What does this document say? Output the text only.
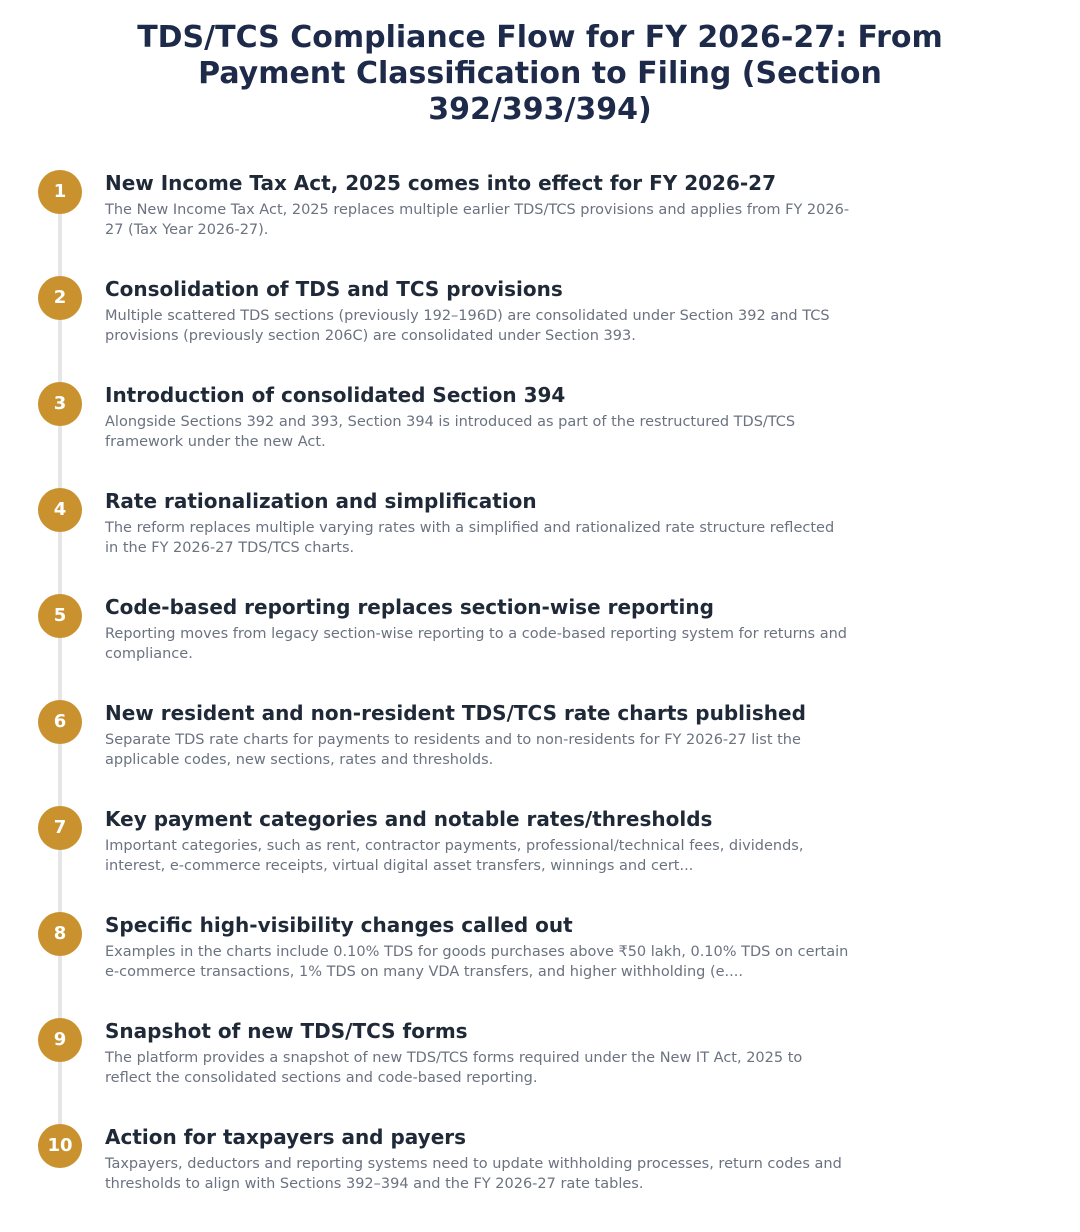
TDS/TCS Compliance Flow for FY 2026-27: From Payment Classification to Filing (Section 392/393/394)
1	New Income Tax Act, 2025 comes into effect for FY 2026-27

The New Income Tax Act, 2025 replaces multiple earlier TDS/TCS provisions and applies from FY 2026-27 (Tax Year 2026-27).

2	Consolidation of TDS and TCS provisions

Multiple scattered TDS sections (previously 192–196D) are consolidated under Section 392 and TCS provisions (previously section 206C) are consolidated under Section 393.

3	Introduction of consolidated Section 394

Alongside Sections 392 and 393, Section 394 is introduced as part of the restructured TDS/TCS framework under the new Act.

4	Rate rationalization and simplification

The reform replaces multiple varying rates with a simplified and rationalized rate structure reflected in the FY 2026-27 TDS/TCS charts.

5	Code-based reporting replaces section-wise reporting

Reporting moves from legacy section-wise reporting to a code-based reporting system for returns and compliance.

6	New resident and non-resident TDS/TCS rate charts published

Separate TDS rate charts for payments to residents and to non-residents for FY 2026-27 list the applicable codes, new sections, rates and thresholds.

7	Key payment categories and notable rates/thresholds

Important categories, such as rent, contractor payments, professional/technical fees, dividends, interest, e-commerce receipts, virtual digital asset transfers, winnings and cert...

8	Specific high-visibility changes called out

Examples in the charts include 0.10% TDS for goods purchases above ₹50 lakh, 0.10% TDS on certain e-commerce transactions, 1% TDS on many VDA transfers, and higher withholding (e....

9	Snapshot of new TDS/TCS forms

The platform provides a snapshot of new TDS/TCS forms required under the New IT Act, 2025 to reflect the consolidated sections and code-based reporting.

10	Action for taxpayers and payers

Taxpayers, deductors and reporting systems need to update withholding processes, return codes and thresholds to align with Sections 392–394 and the FY 2026-27 rate tables.
